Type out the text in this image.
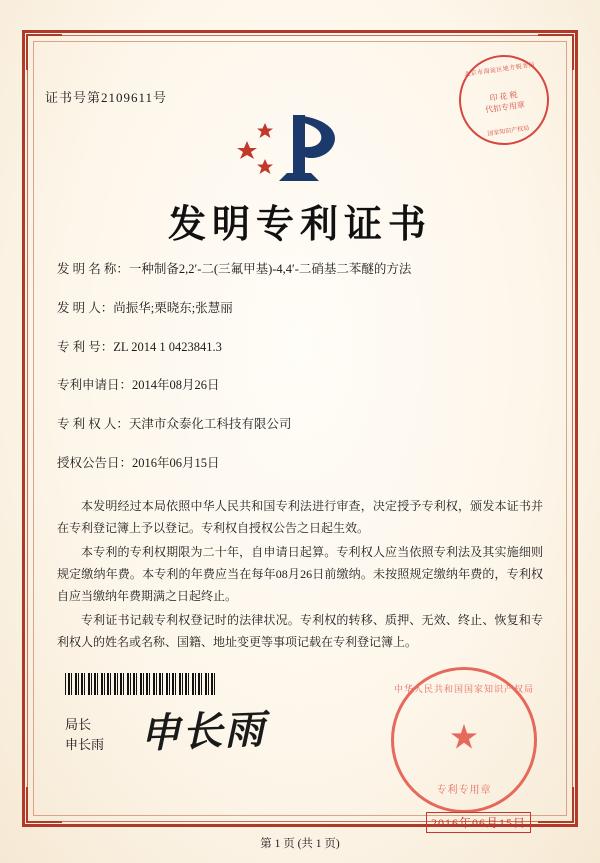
证书号第2109611号
北京市海淀区地方税务局
印 花 税
代扣专用章
国家知识产权局
发明专利证书
发 明 名 称：一种制备2,2′-二(三氟甲基)-4,4′-二硝基二苯醚的方法
发 明 人：尚振华;栗晓东;张慧丽
专 利 号：ZL 2014 1 0423841.3
专利申请日：2014年08月26日
专 利 权 人：天津市众泰化工科技有限公司
授权公告日：2016年06月15日

本发明经过本局依照中华人民共和国专利法进行审查，决定授予专利权，颁发本证书并在专利登记簿上予以登记。专利权自授权公告之日起生效。

本专利的专利权期限为二十年，自申请日起算。专利权人应当依照专利法及其实施细则规定缴纳年费。本专利的年费应当在每年08月26日前缴纳。未按照规定缴纳年费的，专利权自应当缴纳年费期满之日起终止。

专利证书记载专利权登记时的法律状况。专利权的转移、质押、无效、终止、恢复和专利权人的姓名或名称、国籍、地址变更等事项记载在专利登记簿上。

局长
申长雨 申长雨
中华人民共和国国家知识产权局
★
专利专用章
2016年06月15日
第 1 页 (共 1 页)
